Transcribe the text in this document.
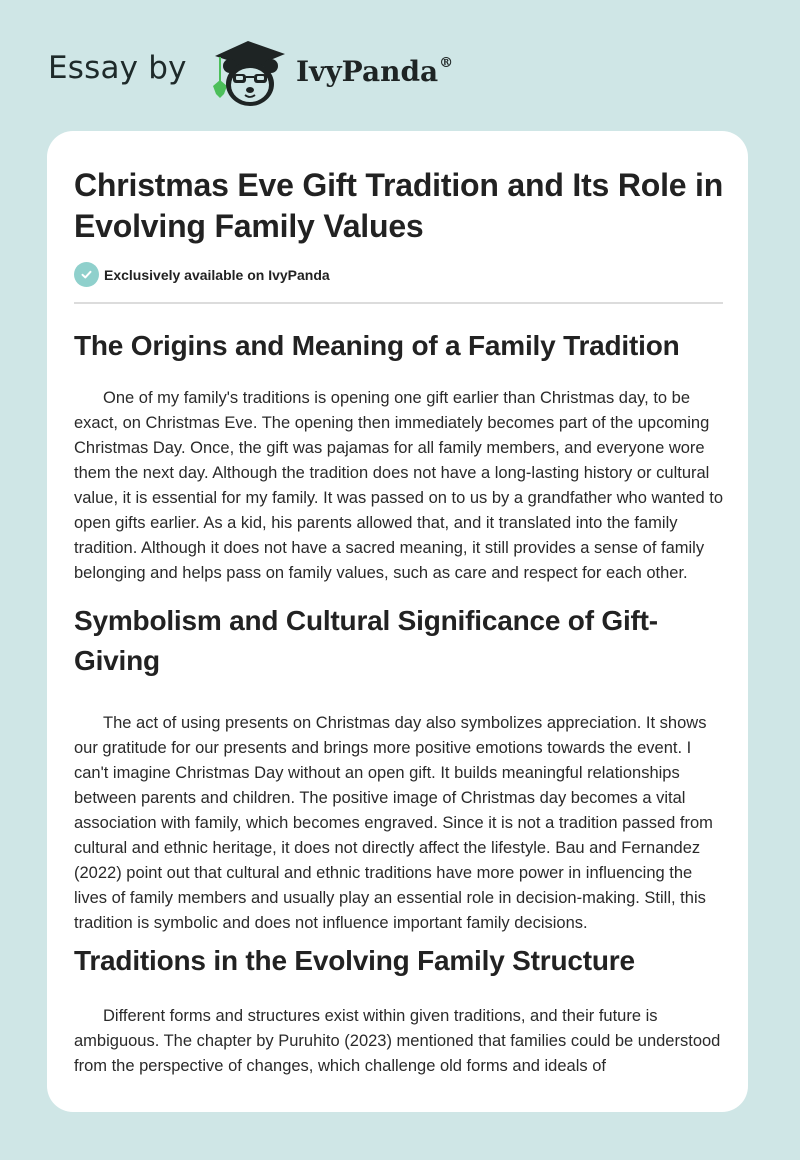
Essay by	IvyPanda®
Christmas Eve Gift Tradition and Its Role in Evolving Family Values
Exclusively available on IvyPanda
The Origins and Meaning of a Family Tradition

One of my family's traditions is opening one gift earlier than Christmas day, to be exact, on Christmas Eve. The opening then immediately becomes part of the upcoming Christmas Day. Once, the gift was pajamas for all family members, and everyone wore them the next day. Although the tradition does not have a long-lasting history or cultural value, it is essential for my family. It was passed on to us by a grandfather who wanted to open gifts earlier. As a kid, his parents allowed that, and it translated into the family tradition. Although it does not have a sacred meaning, it still provides a sense of family belonging and helps pass on family values, such as care and respect for each other.

Symbolism and Cultural Significance of Gift-Giving

The act of using presents on Christmas day also symbolizes appreciation. It shows our gratitude for our presents and brings more positive emotions towards the event. I can't imagine Christmas Day without an open gift. It builds meaningful relationships between parents and children. The positive image of Christmas day becomes a vital association with family, which becomes engraved. Since it is not a tradition passed from cultural and ethnic heritage, it does not directly affect the lifestyle. Bau and Fernandez (2022) point out that cultural and ethnic traditions have more power in influencing the lives of family members and usually play an essential role in decision-making. Still, this tradition is symbolic and does not influence important family decisions.

Traditions in the Evolving Family Structure

Different forms and structures exist within given traditions, and their future is ambiguous. The chapter by Puruhito (2023) mentioned that families could be understood from the perspective of changes, which challenge old forms and ideals of
